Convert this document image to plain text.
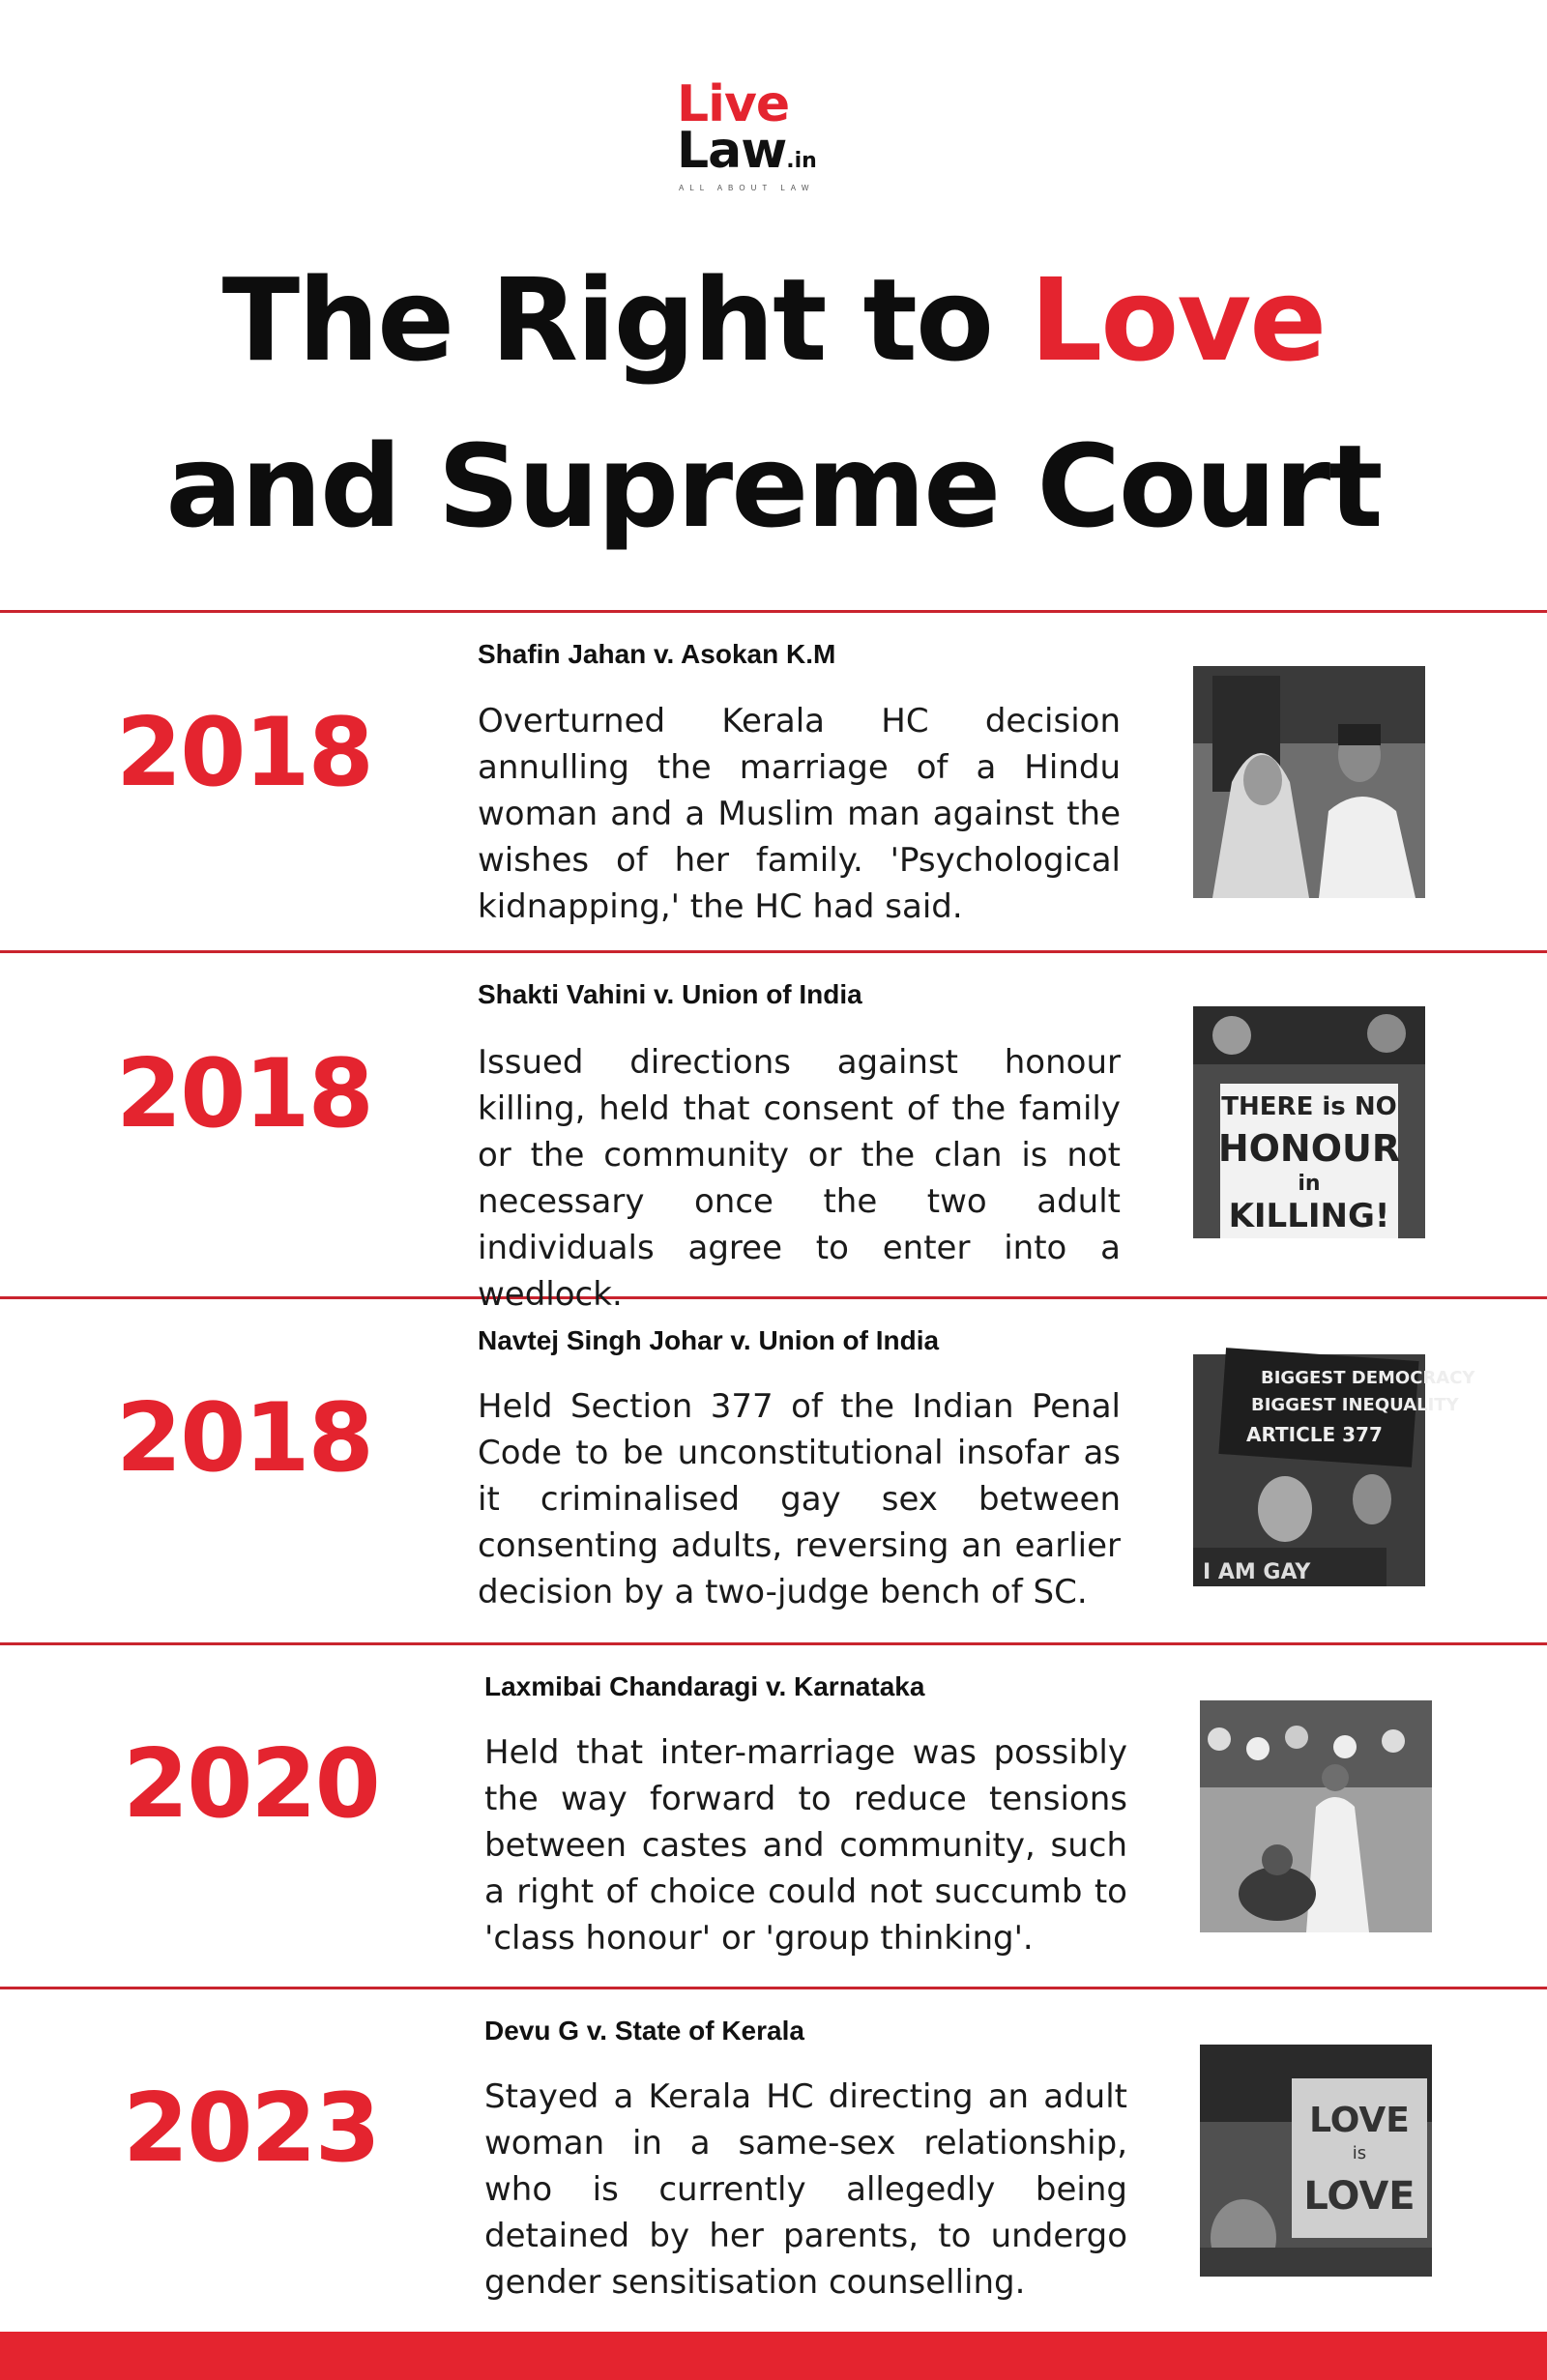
Live
Law.in
ALL ABOUT LAW
The Right to Love
and Supreme Court
2018
Shafin Jahan v. Asokan K.M
Overturned Kerala HC decision annulling the marriage of a Hindu woman and a Muslim man against the wishes of her family. 'Psychological kidnapping,' the HC had said.
2018
Shakti Vahini v. Union of India
Issued directions against honour killing, held that consent of the family or the community or the clan is not necessary once the two adult individuals agree to enter into a wedlock.
THERE is NO
HONOUR
in
KILLING!
2018
Navtej Singh Johar v. Union of India
Held Section 377 of the Indian Penal Code to be unconstitutional insofar as it criminalised gay sex between consenting adults, reversing an earlier decision by a two-judge bench of SC.
BIGGEST DEMOCRACY
BIGGEST INEQUALITY
ARTICLE 377
I AM GAY
2020
Laxmibai Chandaragi v. Karnataka
Held that inter-marriage was possibly the way forward to reduce tensions between castes and community, such a right of choice could not succumb to 'class honour' or 'group thinking'.
2023
Devu G v. State of Kerala
Stayed a Kerala HC directing an adult woman in a same-sex relationship, who is currently allegedly being detained by her parents, to undergo gender sensitisation counselling.
LOVE
is
LOVE
